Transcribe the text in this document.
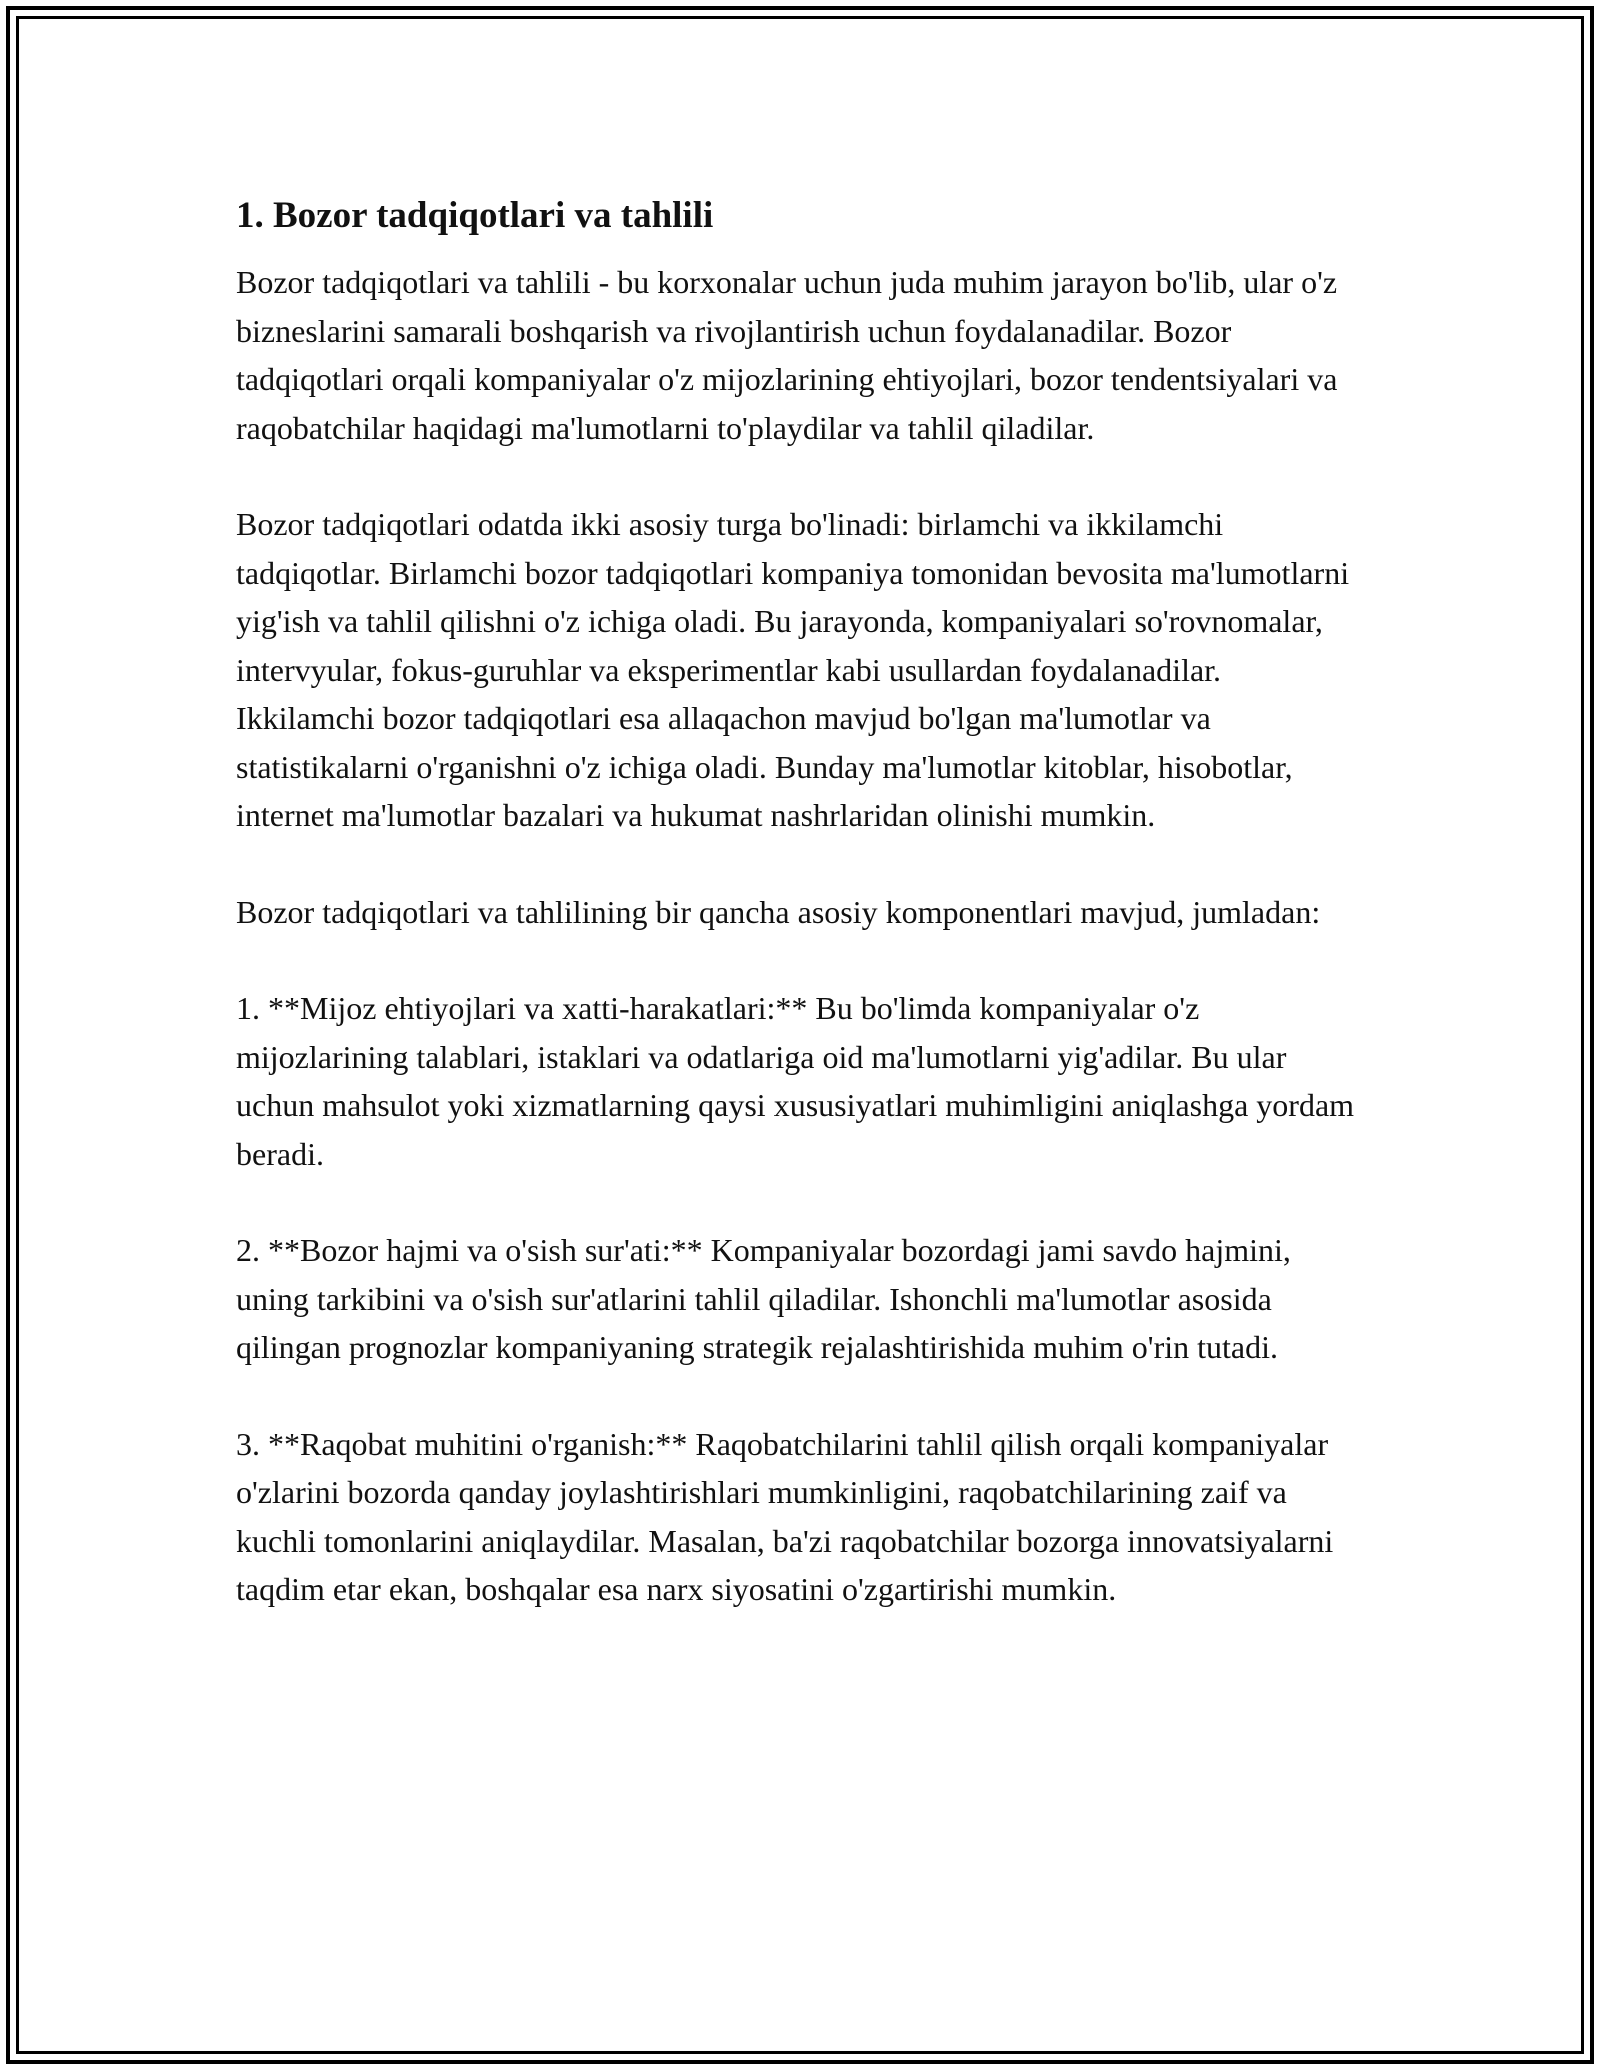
1. Bozor tadqiqotlari va tahlili

Bozor tadqiqotlari va tahlili - bu korxonalar uchun juda muhim jarayon bo'lib, ular o'z bizneslarini samarali boshqarish va rivojlantirish uchun foydalanadilar. Bozor tadqiqotlari orqali kompaniyalar o'z mijozlarining ehtiyojlari, bozor tendentsiyalari va raqobatchilar haqidagi ma'lumotlarni to'playdilar va tahlil qiladilar.

Bozor tadqiqotlari odatda ikki asosiy turga bo'linadi: birlamchi va ikkilamchi tadqiqotlar. Birlamchi bozor tadqiqotlari kompaniya tomonidan bevosita ma'lumotlarni yig'ish va tahlil qilishni o'z ichiga oladi. Bu jarayonda, kompaniyalari so'rovnomalar, intervyular, fokus-guruhlar va eksperimentlar kabi usullardan foydalanadilar. Ikkilamchi bozor tadqiqotlari esa allaqachon mavjud bo'lgan ma'lumotlar va statistikalarni o'rganishni o'z ichiga oladi. Bunday ma'lumotlar kitoblar, hisobotlar, internet ma'lumotlar bazalari va hukumat nashrlaridan olinishi mumkin.

Bozor tadqiqotlari va tahlilining bir qancha asosiy komponentlari mavjud, jumladan:

1. **Mijoz ehtiyojlari va xatti-harakatlari:** Bu bo'limda kompaniyalar o'z mijozlarining talablari, istaklari va odatlariga oid ma'lumotlarni yig'adilar. Bu ular uchun mahsulot yoki xizmatlarning qaysi xususiyatlari muhimligini aniqlashga yordam beradi.

2. **Bozor hajmi va o'sish sur'ati:** Kompaniyalar bozordagi jami savdo hajmini, uning tarkibini va o'sish sur'atlarini tahlil qiladilar. Ishonchli ma'lumotlar asosida qilingan prognozlar kompaniyaning strategik rejalashtirishida muhim o'rin tutadi.

3. **Raqobat muhitini o'rganish:** Raqobatchilarini tahlil qilish orqali kompaniyalar o'zlarini bozorda qanday joylashtirishlari mumkinligini, raqobatchilarining zaif va kuchli tomonlarini aniqlaydilar. Masalan, ba'zi raqobatchilar bozorga innovatsiyalarni taqdim etar ekan, boshqalar esa narx siyosatini o'zgartirishi mumkin.
